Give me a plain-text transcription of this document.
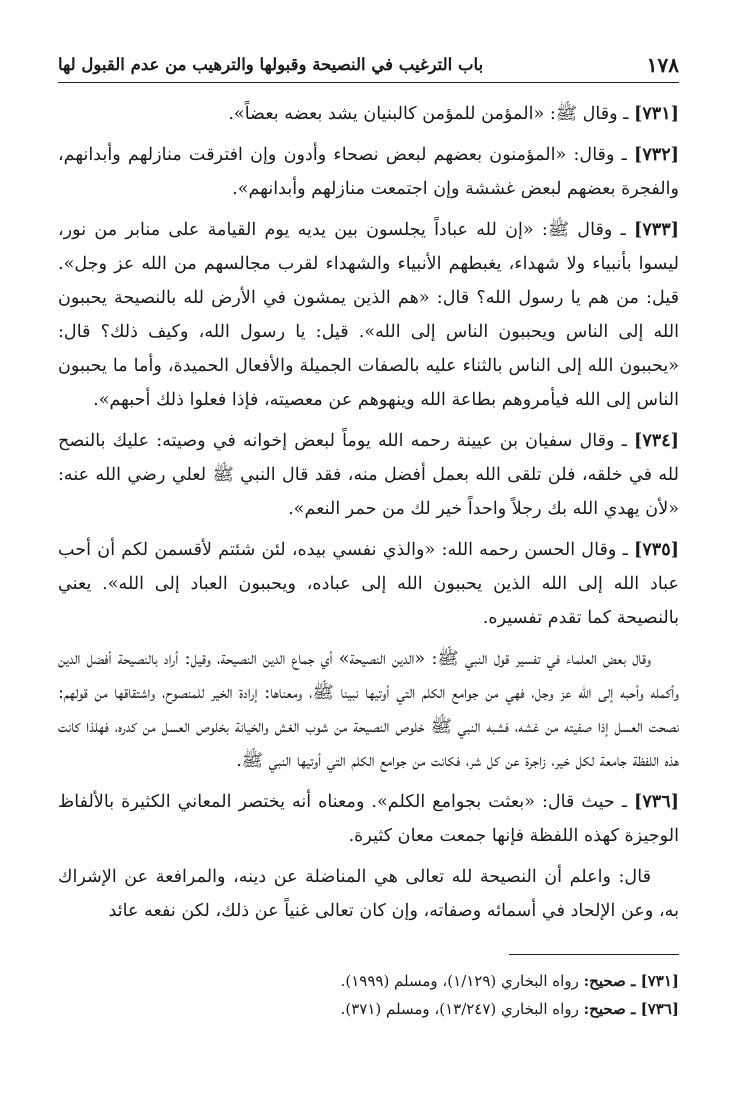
١٧٨
باب الترغيب في النصيحة وقبولها والترهيب من عدم القبول لها

[٧٣١] ـ وقال ﷺ: «المؤمن للمؤمن كالبنيان يشد بعضه بعضاً».

[٧٣٢] ـ وقال: «المؤمنون بعضهم لبعض نصحاء وأدون وإن افترقت منازلهم وأبدانهم، والفجرة بعضهم لبعض غششة وإن اجتمعت منازلهم وأبدانهم».

[٧٣٣] ـ وقال ﷺ: «إن لله عباداً يجلسون بين يديه يوم القيامة على منابر من نور، ليسوا بأنبياء ولا شهداء، يغبطهم الأنبياء والشهداء لقرب مجالسهم من الله عز وجل». قيل: من هم يا رسول الله؟ قال: «هم الذين يمشون في الأرض لله بالنصيحة يحببون الله إلى الناس ويحببون الناس إلى الله». قيل: يا رسول الله، وكيف ذلك؟ قال: «يحببون الله إلى الناس بالثناء عليه بالصفات الجميلة والأفعال الحميدة، وأما ما يحببون الناس إلى الله فيأمروهم بطاعة الله وينهوهم عن معصيته، فإذا فعلوا ذلك أحبهم».

[٧٣٤] ـ وقال سفيان بن عيينة رحمه الله يوماً لبعض إخوانه في وصيته: عليك بالنصح لله في خلقه، فلن تلقى الله بعمل أفضل منه، فقد قال النبي ﷺ لعلي رضي الله عنه: «لأن يهدي الله بك رجلاً واحداً خير لك من حمر النعم».

[٧٣٥] ـ وقال الحسن رحمه الله: «والذي نفسي بيده، لئن شئتم لأقسمن لكم أن أحب عباد الله إلى الله الذين يحببون الله إلى عباده، ويحببون العباد إلى الله». يعني بالنصيحة كما تقدم تفسيره.

وقال بعض العلماء في تفسير قول النبي ﷺ: «الدين النصيحة» أي جماع الدين النصيحة، وقيل: أراد بالنصيحة أفضل الدين وأكمله وأحبه إلى الله عز وجل، فهي من جوامع الكلم التي أوتيها نبينا ﷺ، ومعناها: إرادة الخير للمنصوح، واشتقاقها من قولهم: نصحت العسل إذا صفيته من غشه، فشبه النبي ﷺ خلوص النصيحة من شوب الغش والخيانة بخلوص العسل من كدره، فهلذا كانت هذه اللفظة جامعة لكل خير، زاجرة عن كل شر، فكانت من جوامع الكلم التي أوتيها النبي ﷺ.

[٧٣٦] ـ حيث قال: «بعثت بجوامع الكلم». ومعناه أنه يختصر المعاني الكثيرة بالألفاظ الوجيزة كهذه اللفظة فإنها جمعت معان كثيرة.

قال: واعلم أن النصيحة لله تعالى هي المناضلة عن دينه، والمرافعة عن الإشراك به، وعن الإلحاد في أسمائه وصفاته، وإن كان تعالى غنياً عن ذلك، لكن نفعه عائد

[٧٣١] ـ صحيح: رواه البخاري (١/١٢٩)، ومسلم (١٩٩٩).

[٧٣٦] ـ صحيح: رواه البخاري (١٣/٢٤٧)، ومسلم (٣٧١).
